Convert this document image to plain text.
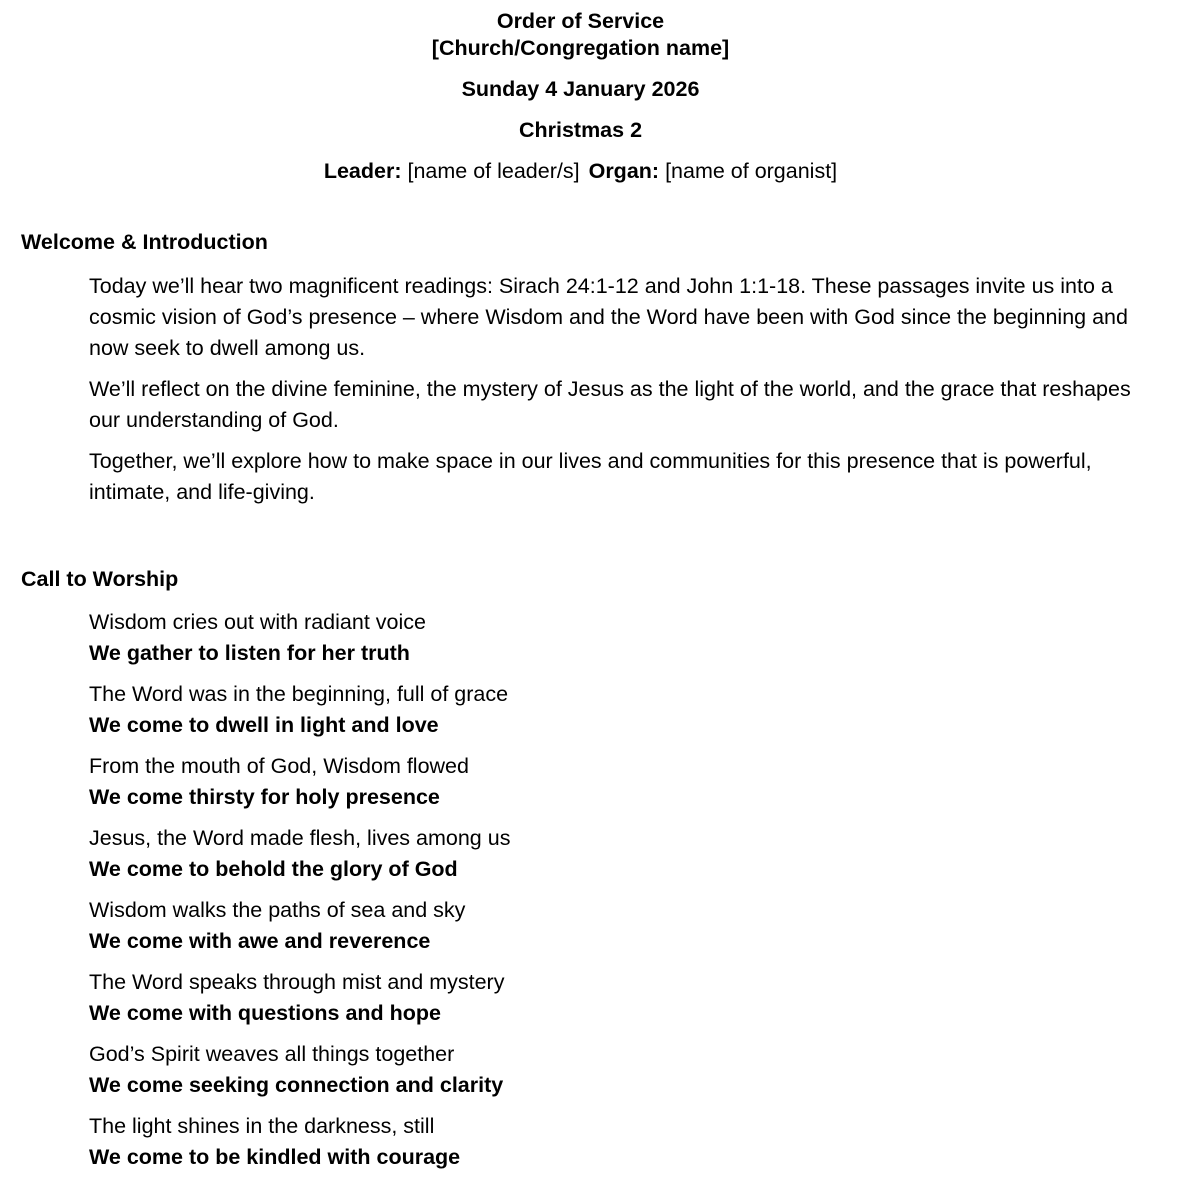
Order of Service

[Church/Congregation name]

Sunday 4 January 2026

Christmas 2

Leader: [name of leader/s] Organ: [name of organist]

Welcome & Introduction

Today we’ll hear two magnificent readings: Sirach 24:1-12 and John 1:1-18. These passages invite us into a cosmic vision of God’s presence – where Wisdom and the Word have been with God since the beginning and now seek to dwell among us.

We’ll reflect on the divine feminine, the mystery of Jesus as the light of the world, and the grace that reshapes our understanding of God.

Together, we’ll explore how to make space in our lives and communities for this presence that is powerful, intimate, and life-giving.

Call to Worship
Wisdom cries out with radiant voice
We gather to listen for her truth
The Word was in the beginning, full of grace
We come to dwell in light and love
From the mouth of God, Wisdom flowed
We come thirsty for holy presence
Jesus, the Word made flesh, lives among us
We come to behold the glory of God
Wisdom walks the paths of sea and sky
We come with awe and reverence
The Word speaks through mist and mystery
We come with questions and hope
God’s Spirit weaves all things together
We come seeking connection and clarity
The light shines in the darkness, still
We come to be kindled with courage
